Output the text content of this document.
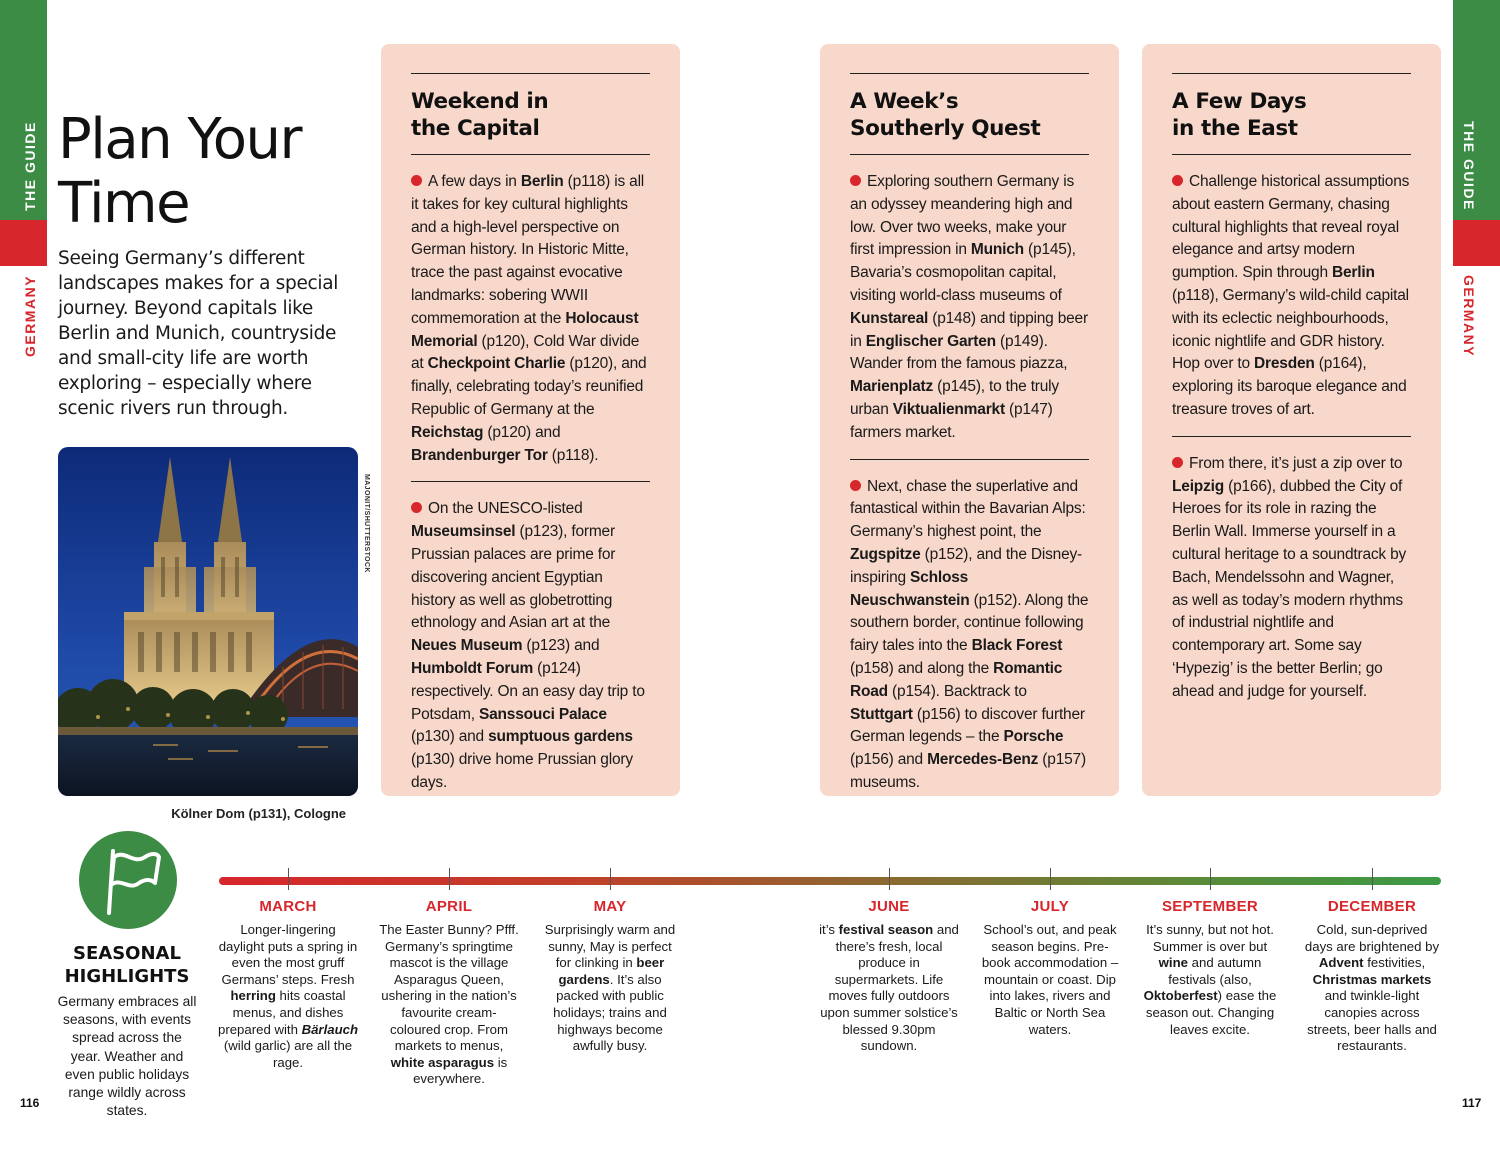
THE GUIDE
GERMANY
THE GUIDE
GERMANY
Plan Your
Time

Seeing Germany’s different landscapes makes for a special journey. Beyond capitals like Berlin and Munich, countryside and small-city life are worth exploring – especially where scenic rivers run through.

MAJONIT/SHUTTERSTOCK
Kölner Dom (p131), Cologne
Weekend in
the Capital

A few days in Berlin (p118) is all it takes for key cultural highlights and a high-level perspective on German history. In Historic Mitte, trace the past against evocative landmarks: sobering WWII commemoration at the Holocaust Memorial (p120), Cold War divide at Checkpoint Charlie (p120), and finally, celebrating today’s reunified Republic of Germany at the Reichstag (p120) and Brandenburger Tor (p118).

On the UNESCO-listed Museumsinsel (p123), former Prussian palaces are prime for discovering ancient Egyptian history as well as globetrotting ethnology and Asian art at the Neues Museum (p123) and Humboldt Forum (p124) respectively. On an easy day trip to Potsdam, Sanssouci Palace (p130) and sumptuous gardens (p130) drive home Prussian glory days.

A Week’s
Southerly Quest

Exploring southern Germany is an odyssey meandering high and low. Over two weeks, make your first impression in Munich (p145), Bavaria’s cosmopolitan capital, visiting world-class museums of Kunstareal (p148) and tipping beer in Englischer Garten (p149). Wander from the famous piazza, Marienplatz (p145), to the truly urban Viktualienmarkt (p147) farmers market.

Next, chase the superlative and fantastical within the Bavarian Alps: Germany’s highest point, the Zugspitze (p152), and the Disney-inspiring Schloss Neuschwanstein (p152). Along the southern border, continue following fairy tales into the Black Forest (p158) and along the Romantic Road (p154). Backtrack to Stuttgart (p156) to discover further German legends – the Porsche (p156) and Mercedes-Benz (p157) museums.

A Few Days
in the East

Challenge historical assumptions about eastern Germany, chasing cultural highlights that reveal royal elegance and artsy modern gumption. Spin through Berlin (p118), Germany’s wild-child capital with its eclectic neighbourhoods, iconic nightlife and GDR history. Hop over to Dresden (p164), exploring its baroque elegance and treasure troves of art.

From there, it’s just a zip over to Leipzig (p166), dubbed the City of Heroes for its role in razing the Berlin Wall. Immerse yourself in a cultural heritage to a soundtrack by Bach, Mendelssohn and Wagner, as well as today’s modern rhythms of industrial nightlife and contemporary art. Some say ‘Hypezig’ is the better Berlin; go ahead and judge for yourself.

SEASONAL
HIGHLIGHTS

Germany embraces all seasons, with events spread across the year. Weather and even public holidays range wildly across states.

MARCH
Longer-lingering daylight puts a spring in even the most gruff Germans’ steps. Fresh herring hits coastal menus, and dishes prepared with Bärlauch (wild garlic) are all the rage.
APRIL
The Easter Bunny? Pfff. Germany’s springtime mascot is the village Asparagus Queen, ushering in the nation’s favourite cream-coloured crop. From markets to menus, white asparagus is everywhere.
MAY
Surprisingly warm and sunny, May is perfect for clinking in beer gardens. It’s also packed with public holidays; trains and highways become awfully busy.
JUNE
it’s festival season and there’s fresh, local produce in supermarkets. Life moves fully outdoors upon summer solstice’s blessed 9.30pm sundown.
JULY
School’s out, and peak season begins. Pre-book accommodation – mountain or coast. Dip into lakes, rivers and Baltic or North Sea waters.
SEPTEMBER
It’s sunny, but not hot. Summer is over but wine and autumn festivals (also, Oktoberfest) ease the season out. Changing leaves excite.
DECEMBER
Cold, sun-deprived days are brightened by Advent festivities, Christmas markets and twinkle-light canopies across streets, beer halls and restaurants.
116	117
